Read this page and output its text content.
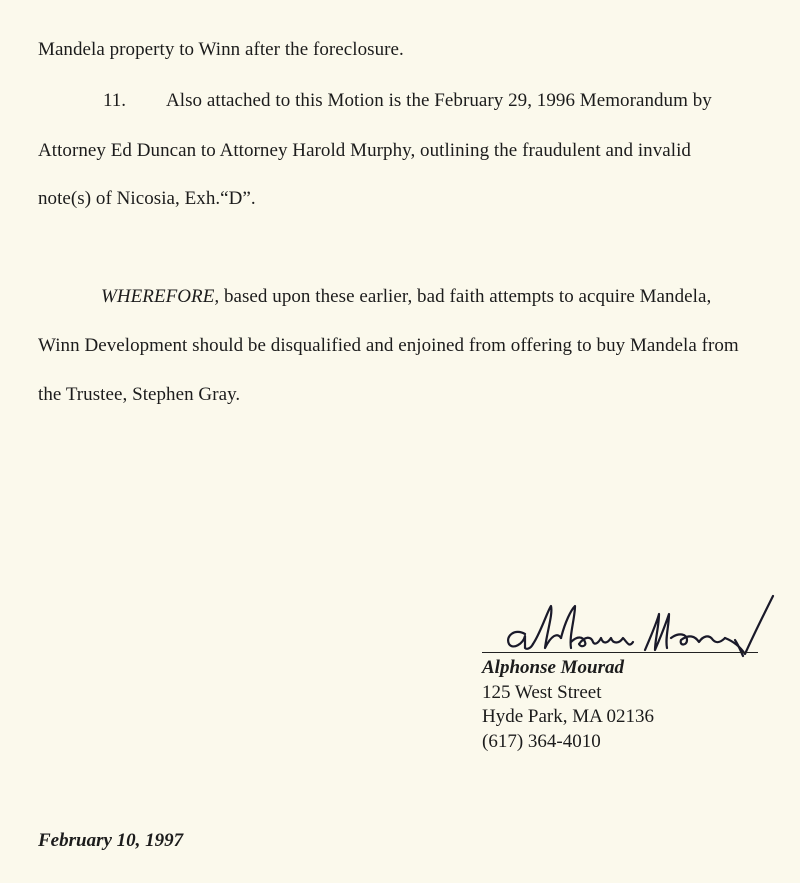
Mandela property to Winn after the foreclosure.
11. Also attached to this Motion is the February 29, 1996 Memorandum by
Attorney Ed Duncan to Attorney Harold Murphy, outlining the fraudulent and invalid
note(s) of Nicosia, Exh.“D”.
WHEREFORE, based upon these earlier, bad faith attempts to acquire Mandela,
Winn Development should be disqualified and enjoined from offering to buy Mandela from
the Trustee, Stephen Gray.
Alphonse Mourad
125 West Street
Hyde Park, MA 02136
(617) 364-4010
February 10, 1997
